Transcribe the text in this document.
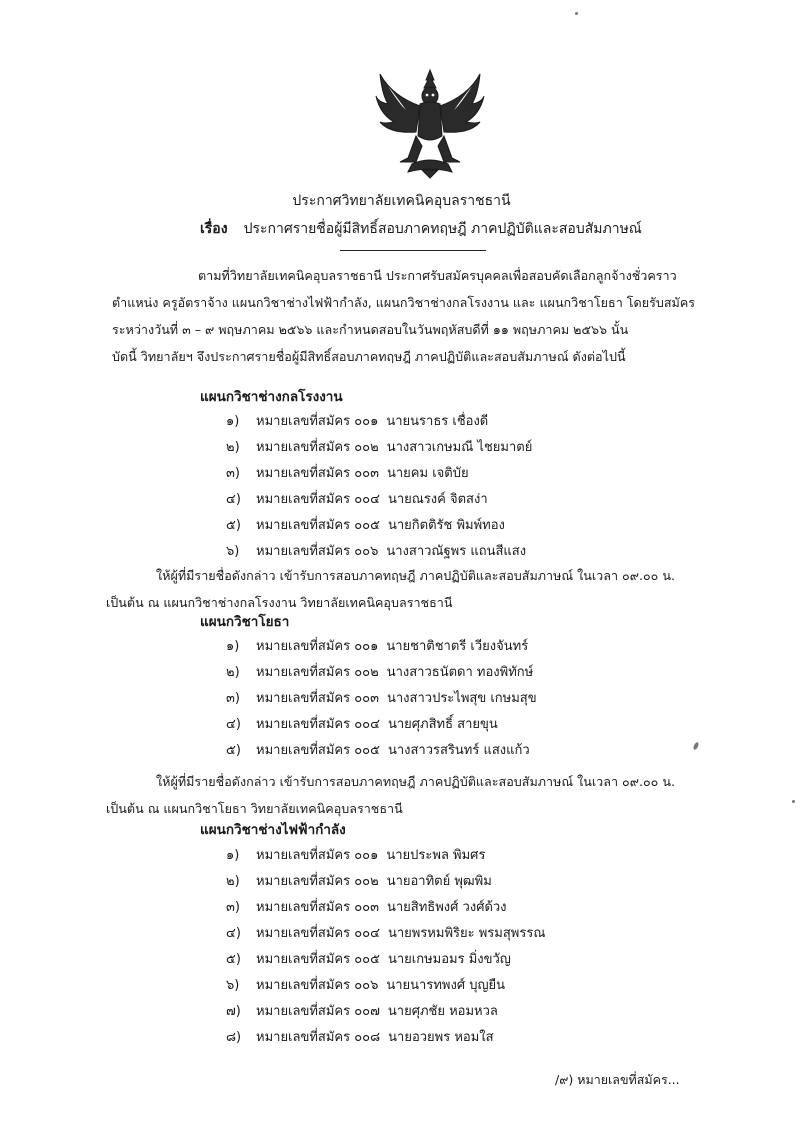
ประกาศวิทยาลัยเทคนิคอุบลราชธานี
เรื่อง ประกาศรายชื่อผู้มีสิทธิ์สอบภาคทฤษฎี ภาคปฏิบัติและสอบสัมภาษณ์
ตามที่วิทยาลัยเทคนิคอุบลราชธานี ประกาศรับสมัครบุคคลเพื่อสอบคัดเลือกลูกจ้างชั่วคราว
ตำแหน่ง ครูอัตราจ้าง แผนกวิชาช่างไฟฟ้ากำลัง, แผนกวิชาช่างกลโรงงาน และ แผนกวิชาโยธา โดยรับสมัคร
ระหว่างวันที่ ๓ – ๙ พฤษภาคม ๒๕๖๖ และกำหนดสอบในวันพฤหัสบดีที่ ๑๑ พฤษภาคม ๒๕๖๖ นั้น
บัดนี้ วิทยาลัยฯ จึงประกาศรายชื่อผู้มีสิทธิ์สอบภาคทฤษฎี ภาคปฏิบัติและสอบสัมภาษณ์ ดังต่อไปนี้
แผนกวิชาช่างกลโรงงาน
๑) หมายเลขที่สมัคร ๐๐๑ นายนราธร เชื่องดี
๒) หมายเลขที่สมัคร ๐๐๒ นางสาวเกษมณี ไชยมาตย์
๓) หมายเลขที่สมัคร ๐๐๓ นายคม เจติบัย
๔) หมายเลขที่สมัคร ๐๐๔ นายณรงค์ จิตสง่า
๕) หมายเลขที่สมัคร ๐๐๕ นายกิตติรัช พิมพ์ทอง
๖) หมายเลขที่สมัคร ๐๐๖ นางสาวณัฐพร แถนสีแสง
ให้ผู้ที่มีรายชื่อดังกล่าว เข้ารับการสอบภาคทฤษฎี ภาคปฏิบัติและสอบสัมภาษณ์ ในเวลา ๐๙.๐๐ น.
เป็นต้น ณ แผนกวิชาช่างกลโรงงาน วิทยาลัยเทคนิคอุบลราชธานี
แผนกวิชาโยธา
๑) หมายเลขที่สมัคร ๐๐๑ นายชาติชาตรี เวียงจันทร์
๒) หมายเลขที่สมัคร ๐๐๒ นางสาวธนัตดา ทองพิทักษ์
๓) หมายเลขที่สมัคร ๐๐๓ นางสาวประไพสุข เกษมสุข
๔) หมายเลขที่สมัคร ๐๐๔ นายศุภสิทธิ์ สายขุน
๕) หมายเลขที่สมัคร ๐๐๕ นางสาวรสรินทร์ แสงแก้ว
ให้ผู้ที่มีรายชื่อดังกล่าว เข้ารับการสอบภาคทฤษฎี ภาคปฏิบัติและสอบสัมภาษณ์ ในเวลา ๐๙.๐๐ น.
เป็นต้น ณ แผนกวิชาโยธา วิทยาลัยเทคนิคอุบลราชธานี
แผนกวิชาช่างไฟฟ้ากำลัง
๑) หมายเลขที่สมัคร ๐๐๑ นายประพล พิมศร
๒) หมายเลขที่สมัคร ๐๐๒ นายอาทิตย์ พุฒพิม
๓) หมายเลขที่สมัคร ๐๐๓ นายสิทธิพงศ์ วงศ์ด้วง
๔) หมายเลขที่สมัคร ๐๐๔ นายพรหมพิริยะ พรมสุพรรณ
๕) หมายเลขที่สมัคร ๐๐๕ นายเกษมอมร มิ่งขวัญ
๖) หมายเลขที่สมัคร ๐๐๖ นายนารทพงศ์ บุญยืน
๗) หมายเลขที่สมัคร ๐๐๗ นายศุภชัย หอมหวล
๘) หมายเลขที่สมัคร ๐๐๘ นายอวยพร หอมใส
/๙) หมายเลขที่สมัคร...
